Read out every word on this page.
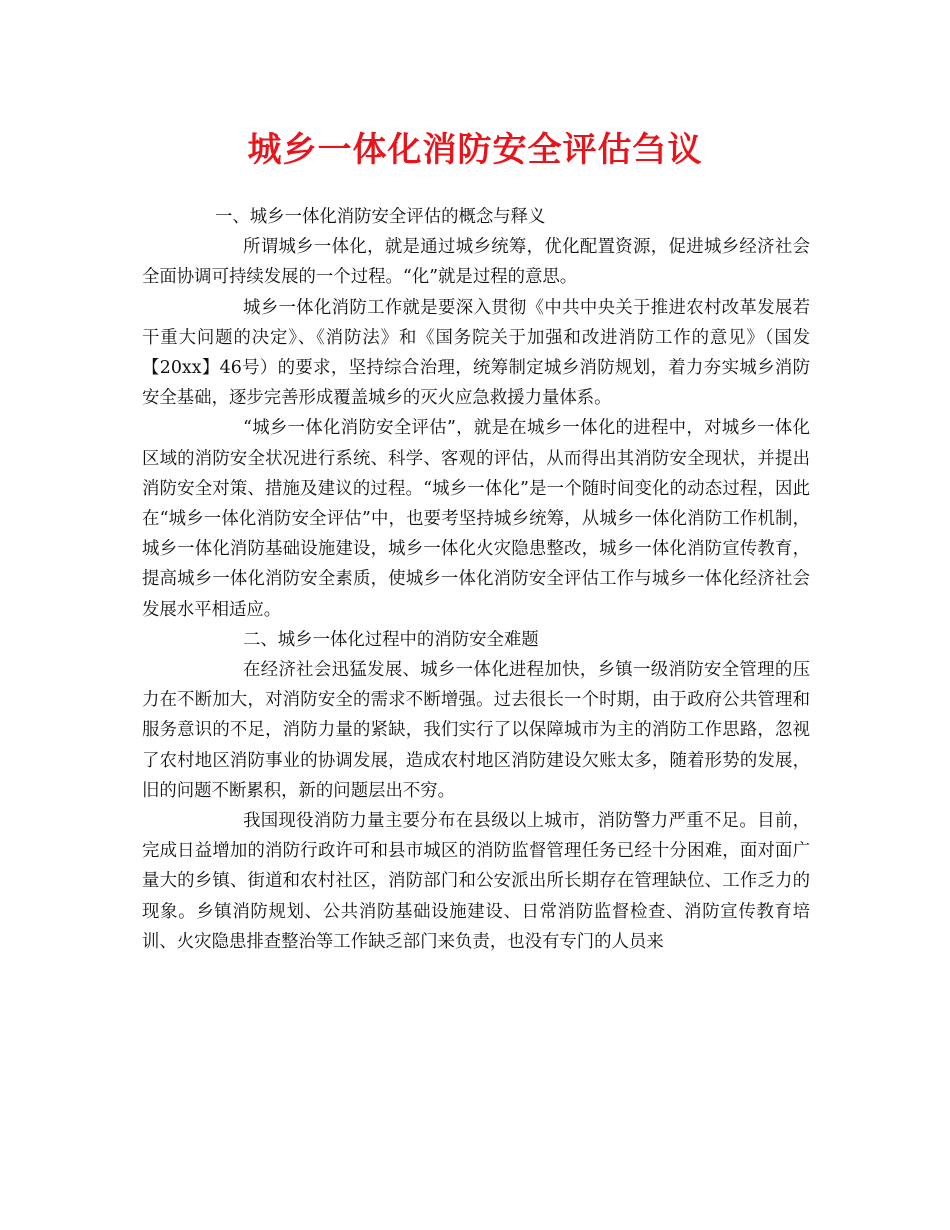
城乡一体化消防安全评估刍议

一、城乡一体化消防安全评估的概念与释义

所谓城乡一体化，就是通过城乡统筹，优化配置资源，促进城乡经济社会全面协调可持续发展的一个过程。“化”就是过程的意思。

城乡一体化消防工作就是要深入贯彻《中共中央关于推进农村改革发展若干重大问题的决定》、《消防法》和《国务院关于加强和改进消防工作的意见》（国发【20xx】46号）的要求，坚持综合治理，统筹制定城乡消防规划，着力夯实城乡消防安全基础，逐步完善形成覆盖城乡的灭火应急救援力量体系。

“城乡一体化消防安全评估”，就是在城乡一体化的进程中，对城乡一体化区域的消防安全状况进行系统、科学、客观的评估，从而得出其消防安全现状，并提出消防安全对策、措施及建议的过程。“城乡一体化”是一个随时间变化的动态过程，因此在“城乡一体化消防安全评估”中，也要考坚持城乡统筹，从城乡一体化消防工作机制，城乡一体化消防基础设施建设，城乡一体化火灾隐患整改，城乡一体化消防宣传教育，提高城乡一体化消防安全素质，使城乡一体化消防安全评估工作与城乡一体化经济社会发展水平相适应。

二、城乡一体化过程中的消防安全难题

在经济社会迅猛发展、城乡一体化进程加快，乡镇一级消防安全管理的压力在不断加大，对消防安全的需求不断增强。过去很长一个时期，由于政府公共管理和服务意识的不足，消防力量的紧缺，我们实行了以保障城市为主的消防工作思路，忽视了农村地区消防事业的协调发展，造成农村地区消防建设欠账太多，随着形势的发展，旧的问题不断累积，新的问题层出不穷。

我国现役消防力量主要分布在县级以上城市，消防警力严重不足。目前，完成日益增加的消防行政许可和县市城区的消防监督管理任务已经十分困难，面对面广量大的乡镇、街道和农村社区，消防部门和公安派出所长期存在管理缺位、工作乏力的现象。乡镇消防规划、公共消防基础设施建设、日常消防监督检查、消防宣传教育培训、火灾隐患排查整治等工作缺乏部门来负责，也没有专门的人员来
